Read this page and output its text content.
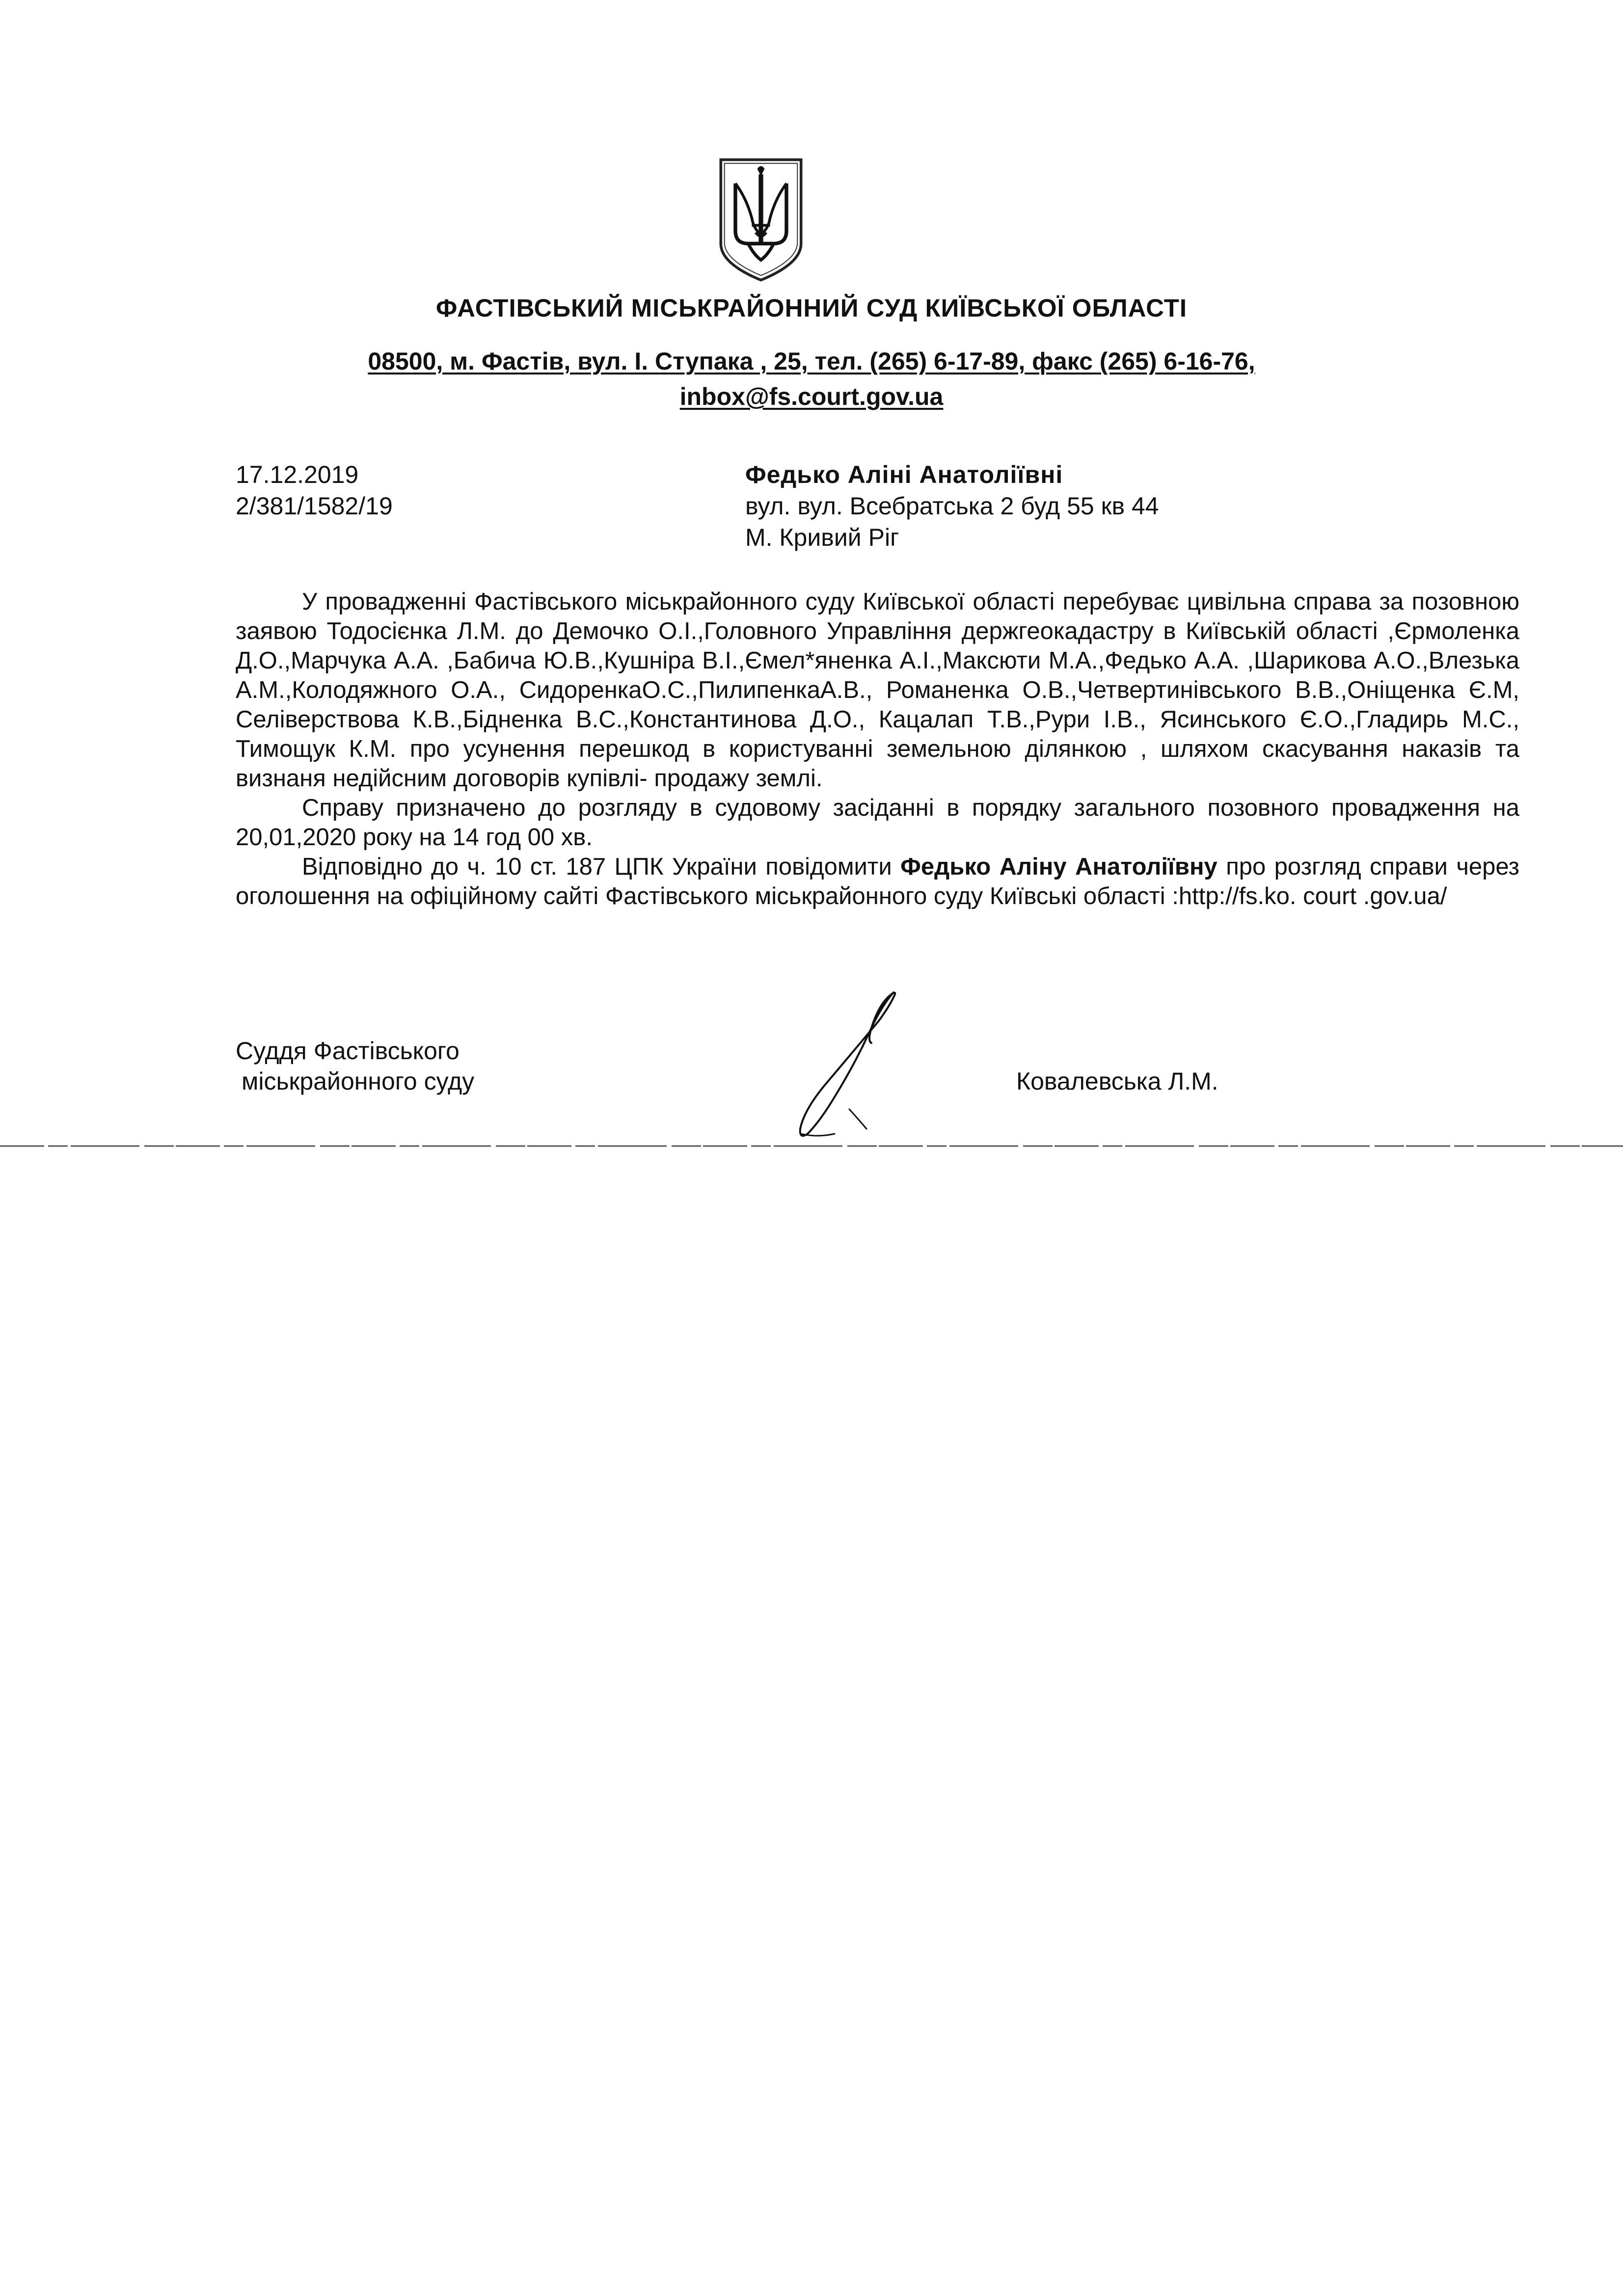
ФАСТІВСЬКИЙ МІСЬКРАЙОННИЙ СУД КИЇВСЬКОЇ ОБЛАСТІ
08500, м. Фастів, вул. І. Ступака , 25, тел. (265) 6-17-89, факс (265) 6-16-76,
inbox@fs.court.gov.ua
17.12.2019
2/381/1582/19
Федько Аліні Анатоліївні
вул. вул. Всебратська 2 буд 55 кв 44
М. Кривий Ріг

У провадженні Фастівського міськрайонного суду Київської області перебуває цивільна справа за позовною заявою Тодосієнка Л.М. до Демочко О.І.,Головного Управління держгеокадастру в Київській області ,Єрмоленка Д.О.,Марчука А.А. ,Бабича Ю.В.,Кушніра В.І.,Ємел*яненка А.І.,Максюти М.А.,Федько А.А. ,Шарикова А.О.,Влезька А.М.,Колодяжного О.А., СидоренкаО.С.,ПилипенкаА.В., Романенка О.В.,Четвертинівського В.В.,Оніщенка Є.М, Селіверствова К.В.,Бідненка В.С.,Константинова Д.О., Кацалап Т.В.,Рури І.В., Ясинського Є.О.,Гладирь М.С., Тимощук К.М. про усунення перешкод в користуванні земельною ділянкою , шляхом скасування наказів та визнаня недійсним договорів купівлі- продажу землі.

Справу призначено до розгляду в судовому засіданні в порядку загального позовного провадження на 20,01,2020 року на 14 год 00 хв.

Відповідно до ч. 10 ст. 187 ЦПК України повідомити Федько Аліну Анатоліївну про розгляд справи через оголошення на офіційному сайті Фастівського міськрайонного суду Київські області :http://fs.ko. court .gov.ua/

Суддя Фастівського
міськрайонного суду	Ковалевська Л.М.
